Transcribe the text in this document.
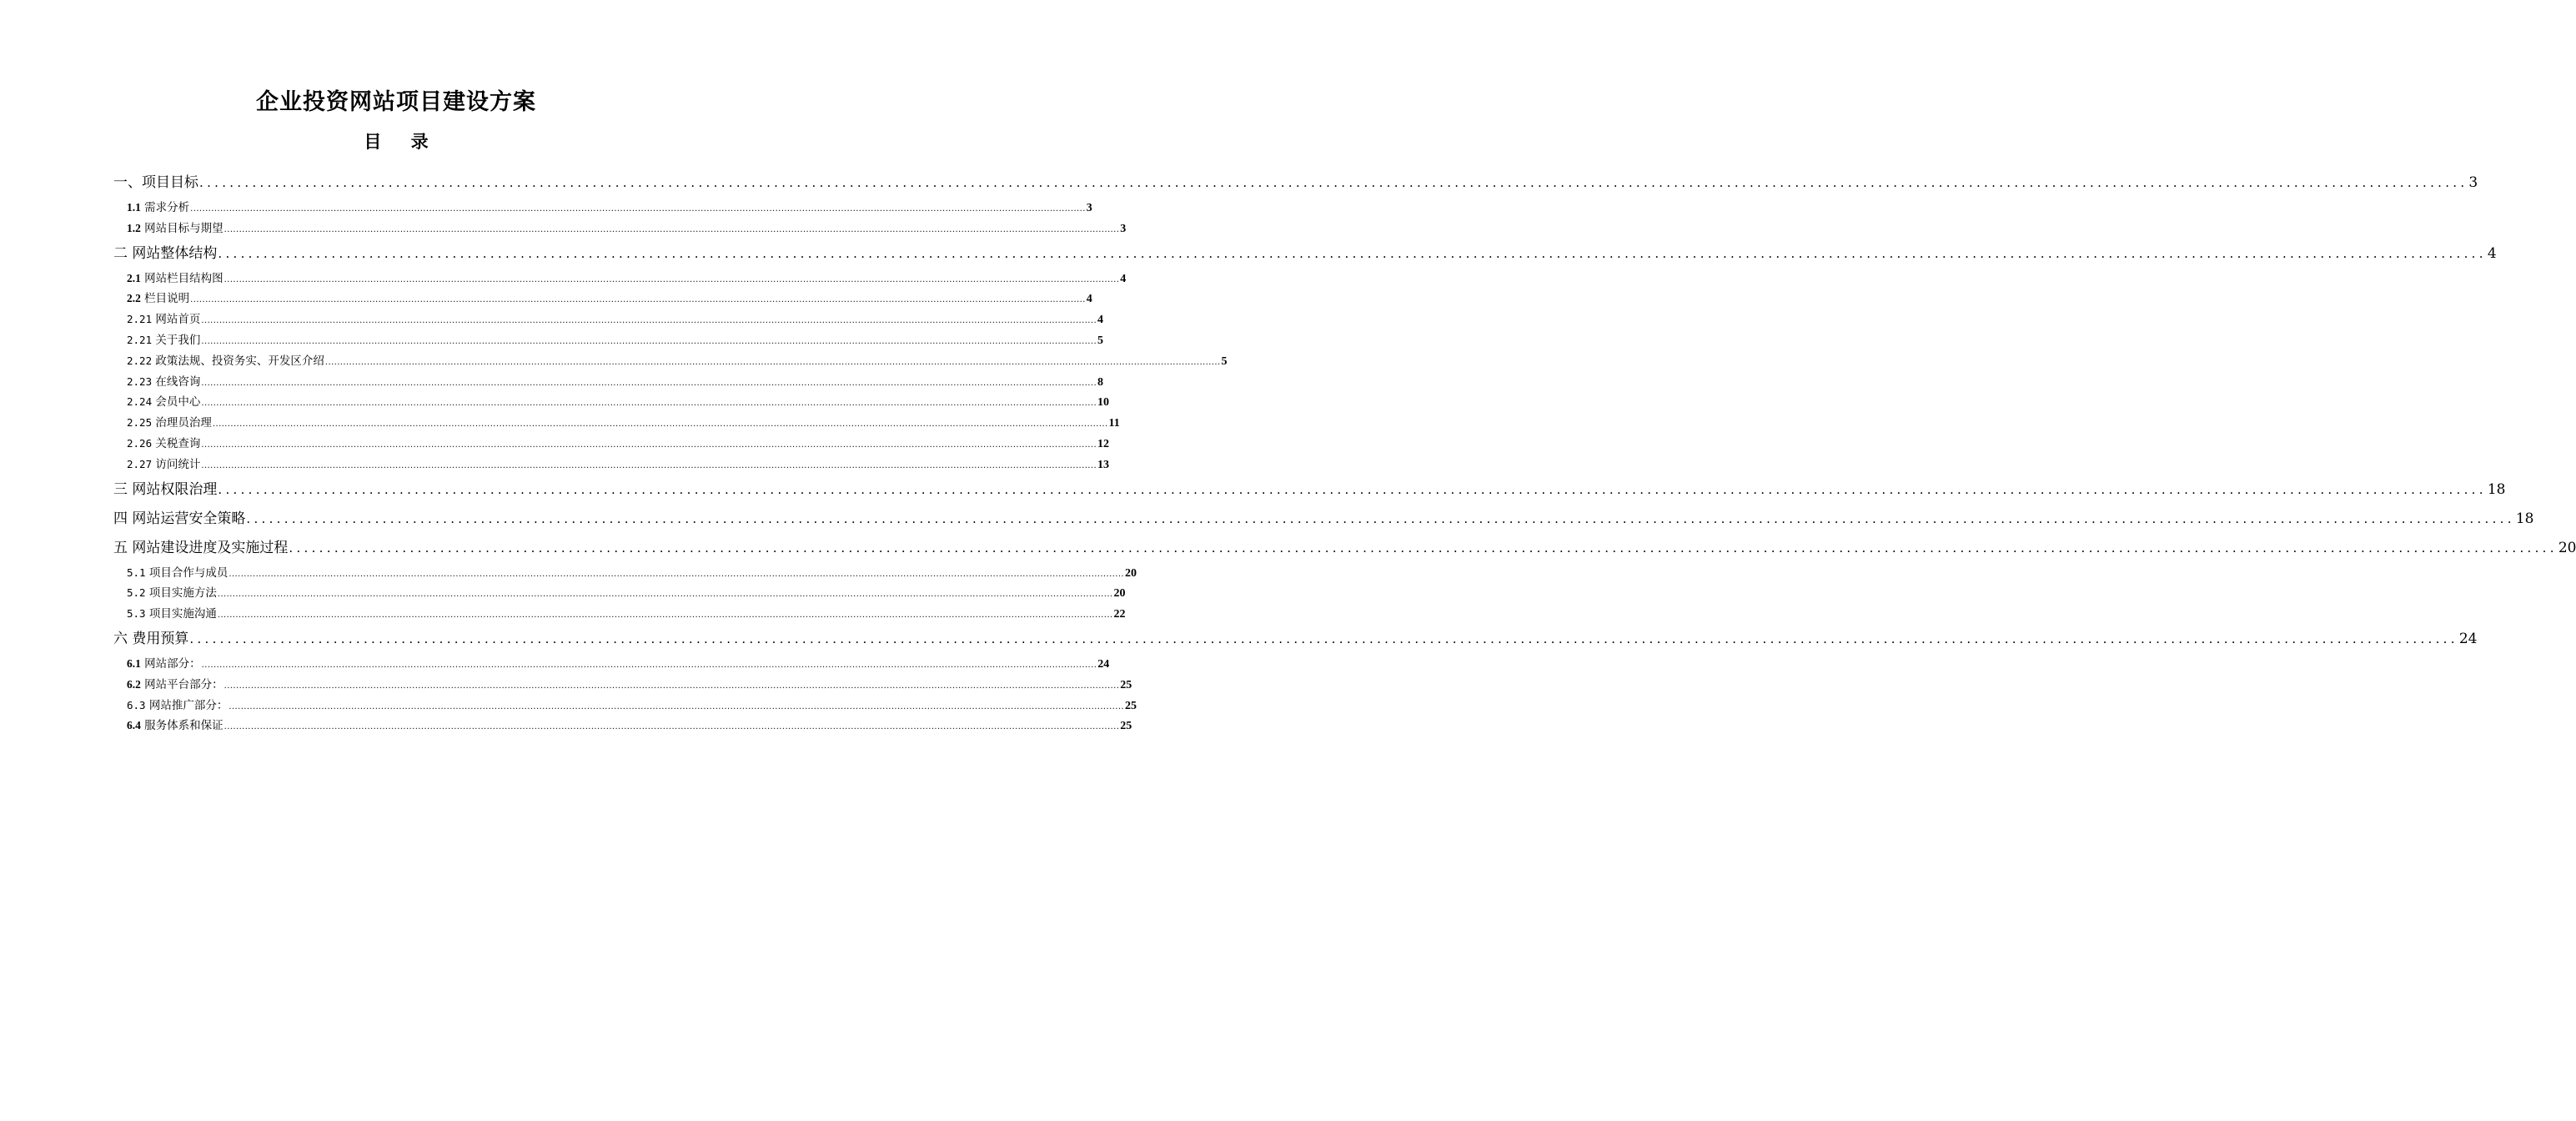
企业投资网站项目建设方案
目 录
一、项目目标 ............................................................................................................................................................................................................................................................................................................ 3
1.1 需求分析 ............................................................................................................................................................................................................................................................................................................ 3
1.2 网站目标与期望 ............................................................................................................................................................................................................................................................................................................ 3
二 网站整体结构 ............................................................................................................................................................................................................................................................................................................ 4
2.1 网站栏目结构图 ............................................................................................................................................................................................................................................................................................................ 4
2.2 栏目说明 ............................................................................................................................................................................................................................................................................................................ 4
2.21 网站首页 ............................................................................................................................................................................................................................................................................................................ 4
2.21 关于我们 ............................................................................................................................................................................................................................................................................................................ 5
2.22 政策法规、投资务实、开发区介绍 ............................................................................................................................................................................................................................................................................................................ 5
2.23 在线咨询 ............................................................................................................................................................................................................................................................................................................ 8
2.24 会员中心 ............................................................................................................................................................................................................................................................................................................ 10
2.25 治理员治理 ............................................................................................................................................................................................................................................................................................................ 11
2.26 关税查询 ............................................................................................................................................................................................................................................................................................................ 12
2.27 访问统计 ............................................................................................................................................................................................................................................................................................................ 13
三 网站权限治理 ............................................................................................................................................................................................................................................................................................................ 18
四 网站运营安全策略 ............................................................................................................................................................................................................................................................................................................ 18
五 网站建设进度及实施过程 ............................................................................................................................................................................................................................................................................................................ 20
5.1 项目合作与成员 ............................................................................................................................................................................................................................................................................................................ 20
5.2 项目实施方法 ............................................................................................................................................................................................................................................................................................................ 20
5.3 项目实施沟通 ............................................................................................................................................................................................................................................................................................................ 22
六 费用预算 ............................................................................................................................................................................................................................................................................................................ 24
6.1 网站部分： ............................................................................................................................................................................................................................................................................................................ 24
6.2 网站平台部分： ............................................................................................................................................................................................................................................................................................................ 25
6.3 网站推广部分： ............................................................................................................................................................................................................................................................................................................ 25
6.4 服务体系和保证 ............................................................................................................................................................................................................................................................................................................ 25
